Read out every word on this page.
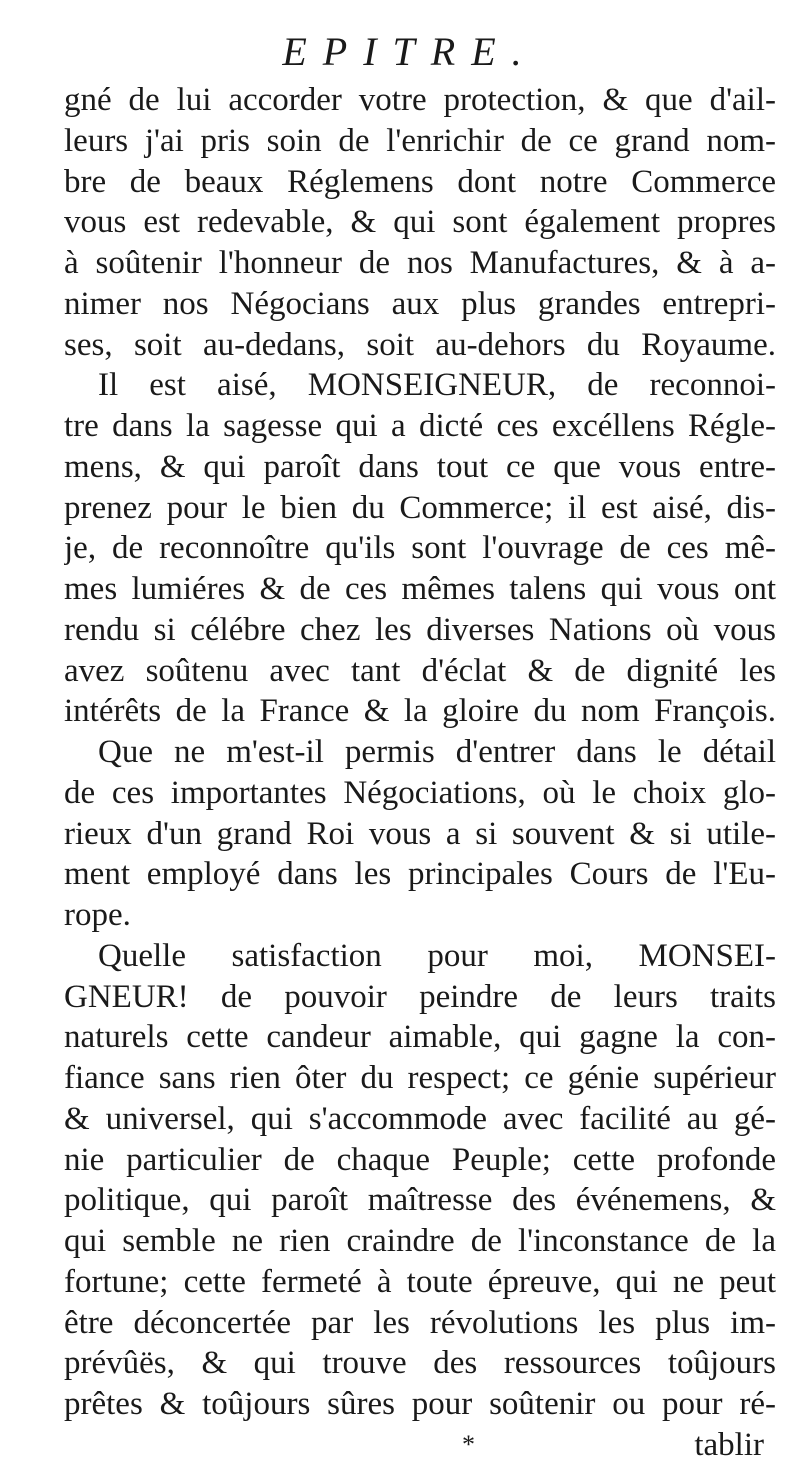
EPITRE.
gné de lui accorder votre protection, & que d'ail-
leurs j'ai pris soin de l'enrichir de ce grand nom-
bre de beaux Réglemens dont notre Commerce
vous est redevable, & qui sont également propres
à soûtenir l'honneur de nos Manufactures, & à a-
nimer nos Négocians aux plus grandes entrepri-
ses, soit au-dedans, soit au-dehors du Royaume.
Il est aisé, MONSEIGNEUR, de reconnoi-
tre dans la sagesse qui a dicté ces excéllens Régle-
mens, & qui paroît dans tout ce que vous entre-
prenez pour le bien du Commerce; il est aisé, dis-
je, de reconnoître qu'ils sont l'ouvrage de ces mê-
mes lumiéres & de ces mêmes talens qui vous ont
rendu si célébre chez les diverses Nations où vous
avez soûtenu avec tant d'éclat & de dignité les
intérêts de la France & la gloire du nom François.
Que ne m'est-il permis d'entrer dans le détail
de ces importantes Négociations, où le choix glo-
rieux d'un grand Roi vous a si souvent & si utile-
ment employé dans les principales Cours de l'Eu-
rope.
Quelle satisfaction pour moi, MONSEI-
GNEUR! de pouvoir peindre de leurs traits
naturels cette candeur aimable, qui gagne la con-
fiance sans rien ôter du respect; ce génie supérieur
& universel, qui s'accommode avec facilité au gé-
nie particulier de chaque Peuple; cette profonde
politique, qui paroît maîtresse des événemens, &
qui semble ne rien craindre de l'inconstance de la
fortune; cette fermeté à toute épreuve, qui ne peut
être déconcertée par les révolutions les plus im-
prévûës, & qui trouve des ressources toûjours
prêtes & toûjours sûres pour soûtenir ou pour ré-
*	tablir
